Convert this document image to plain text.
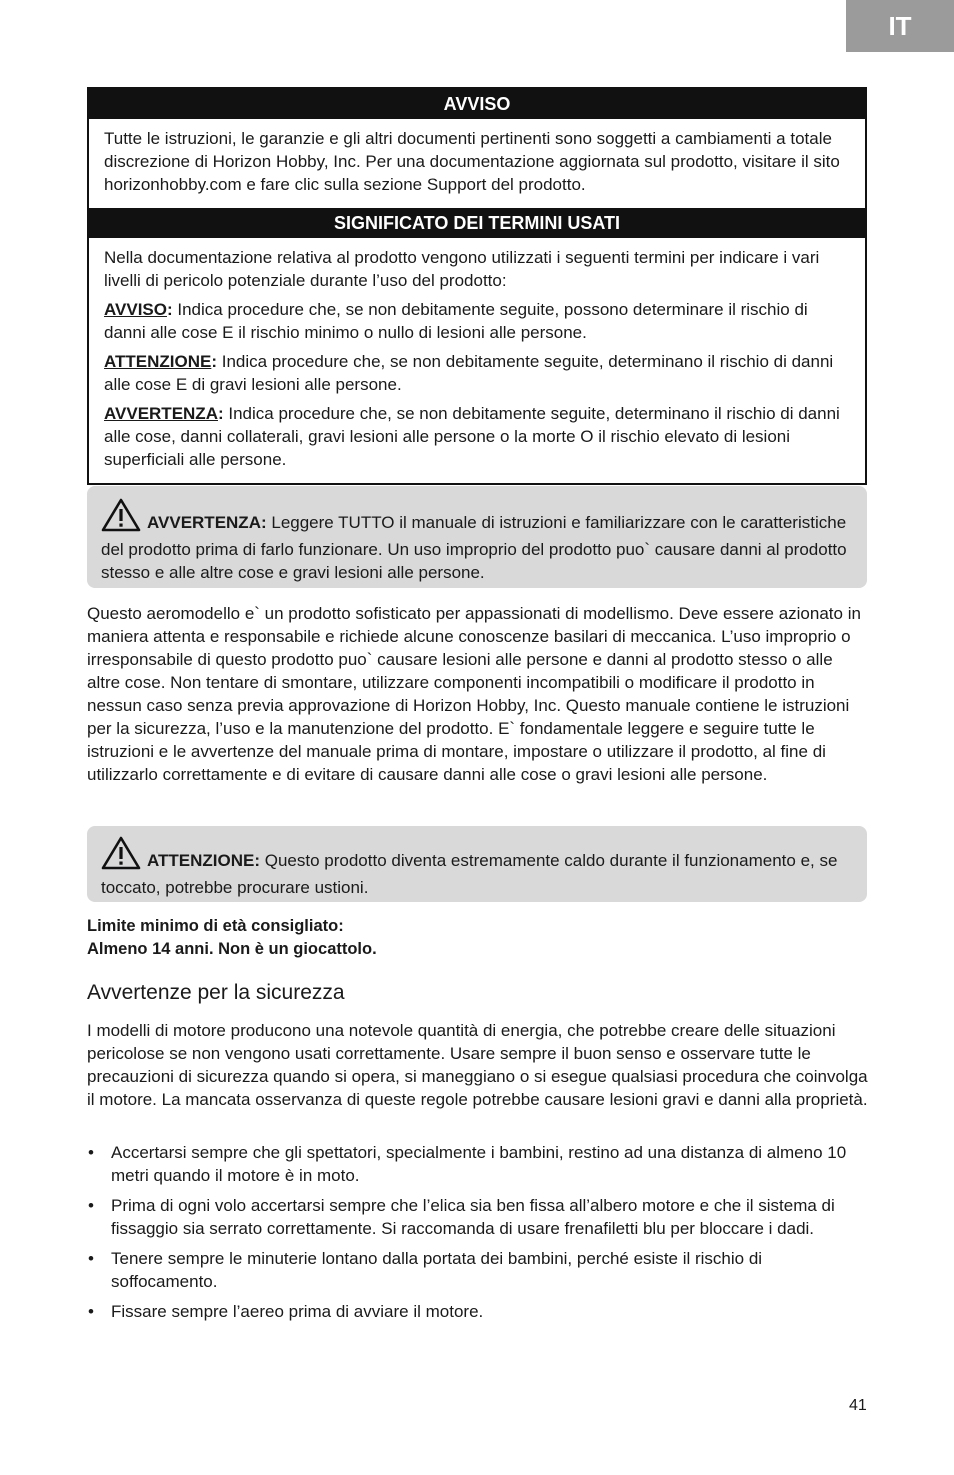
IT
AVVISO

Tutte le istruzioni, le garanzie e gli altri documenti pertinenti sono soggetti a cambiamenti a totale discrezione di Horizon Hobby, Inc. Per una documentazione aggiornata sul prodotto, visitare il sito horizonhobby.com e fare clic sulla sezione Support del prodotto.

SIGNIFICATO DEI TERMINI USATI

Nella documentazione relativa al prodotto vengono utilizzati i seguenti termini per indicare i vari livelli di pericolo potenziale durante l’uso del prodotto:

AVVISO: Indica procedure che, se non debitamente seguite, possono determinare il rischio di danni alle cose E il rischio minimo o nullo di lesioni alle persone.

ATTENZIONE: Indica procedure che, se non debitamente seguite, determinano il rischio di danni alle cose E di gravi lesioni alle persone.

AVVERTENZA: Indica procedure che, se non debitamente seguite, determinano il rischio di danni alle cose, danni collaterali, gravi lesioni alle persone o la morte O il rischio elevato di lesioni superficiali alle persone.

AVVERTENZA: Leggere TUTTO il manuale di istruzioni e familiarizzare con le caratteristiche del prodotto prima di farlo funzionare. Un uso improprio del prodotto puo` causare danni al prodotto stesso e alle altre cose e gravi lesioni alle persone.

Questo aeromodello e` un prodotto sofisticato per appassionati di modellismo. Deve essere azionato in maniera attenta e responsabile e richiede alcune conoscenze basilari di meccanica. L’uso improprio o irresponsabile di questo prodotto puo` causare lesioni alle persone e danni al prodotto stesso o alle altre cose. Non tentare di smontare, utilizzare componenti incompatibili o modificare il prodotto in nessun caso senza previa approvazione di Horizon Hobby, Inc. Questo manuale contiene le istruzioni per la sicurezza, l’uso e la manutenzione del prodotto. E` fondamentale leggere e seguire tutte le istruzioni e le avvertenze del manuale prima di montare, impostare o utilizzare il prodotto, al fine di utilizzarlo correttamente e di evitare di causare danni alle cose o gravi lesioni alle persone.

ATTENZIONE: Questo prodotto diventa estremamente caldo durante il funzionamento e, se toccato, potrebbe procurare ustioni.
Limite minimo di età consigliato:
Almeno 14 anni. Non è un giocattolo.
Avvertenze per la sicurezza

I modelli di motore producono una notevole quantità di energia, che potrebbe creare delle situazioni pericolose se non vengono usati correttamente. Usare sempre il buon senso e osservare tutte le precauzioni di sicurezza quando si opera, si maneggiano o si esegue qualsiasi procedura che coinvolga il motore. La mancata osservanza di queste regole potrebbe causare lesioni gravi e danni alla proprietà.

• Accertarsi sempre che gli spettatori, specialmente i bambini, restino ad una distanza di almeno 10 metri quando il motore è in moto.
• Prima di ogni volo accertarsi sempre che l’elica sia ben fissa all’albero motore e che il sistema di fissaggio sia serrato correttamente. Si raccomanda di usare frenafiletti blu per bloccare i dadi.
• Tenere sempre le minuterie lontano dalla portata dei bambini, perché esiste il rischio di soffocamento.
• Fissare sempre l’aereo prima di avviare il motore.
41
